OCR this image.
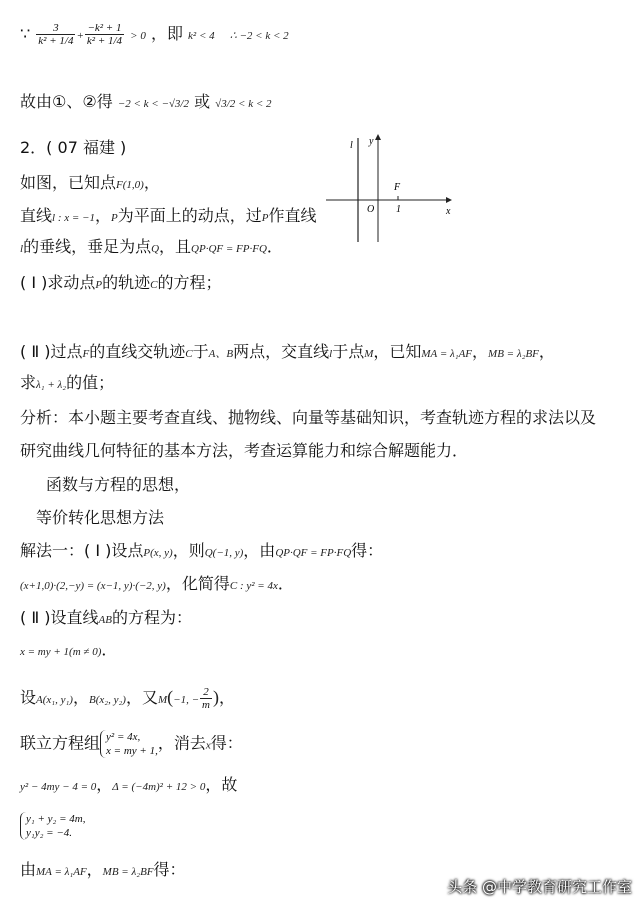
∵ $\frac{3}{\text{k² + 1/4}} + \frac{\text{−k² + 1}}{\text{k² + 1/4}} > 0$ ，即 k² < 4 ∴ −2 < k < 2
故由①、②得 −2 < k < −√3/2 或 √3/2 < k < 2
2．( 07 福建 )
如图，已知点F(1,0)，
直线l : x = −1，P为平面上的动点，过P作直线
l的垂线，垂足为点Q，且QP·QF = FP·FQ．
( Ⅰ )求动点P的轨迹C的方程；
( Ⅱ )过点F的直线交轨迹C于A、B两点，交直线l于点M，已知MA = λ₁AF，MB = λ₂BF，
求λ₁ + λ₂的值；
分析：本小题主要考查直线、抛物线、向量等基础知识，考查轨迹方程的求法以及
研究曲线几何特征的基本方法，考查运算能力和综合解题能力．
函数与方程的思想，
等价转化思想方法
解法一：( Ⅰ )设点P(x, y)，则Q(−1, y)，由QP·QF = FP·FQ得：
(x+1,0)·(2,−y) = (x−1, y)·(−2, y)，化简得C : y² = 4x．
( Ⅱ )设直线AB的方程为：
x = my + 1(m ≠ 0)．
设A(x₁, y₁)，B(x₂, y₂)，又M(−1, − $\frac{2}{m}$ )，
联立方程组 y² = 4x,
x = my + 1, ，消去x得：
y² − 4my − 4 = 0，Δ = (−4m)² + 12 > 0，故
y₁ + y₂ = 4m,
y₁y₂ = −4.
由MA = λ₁AF，MB = λ₂BF得：
y
x
l
F
O 1
头条 @中学教育研究工作室
